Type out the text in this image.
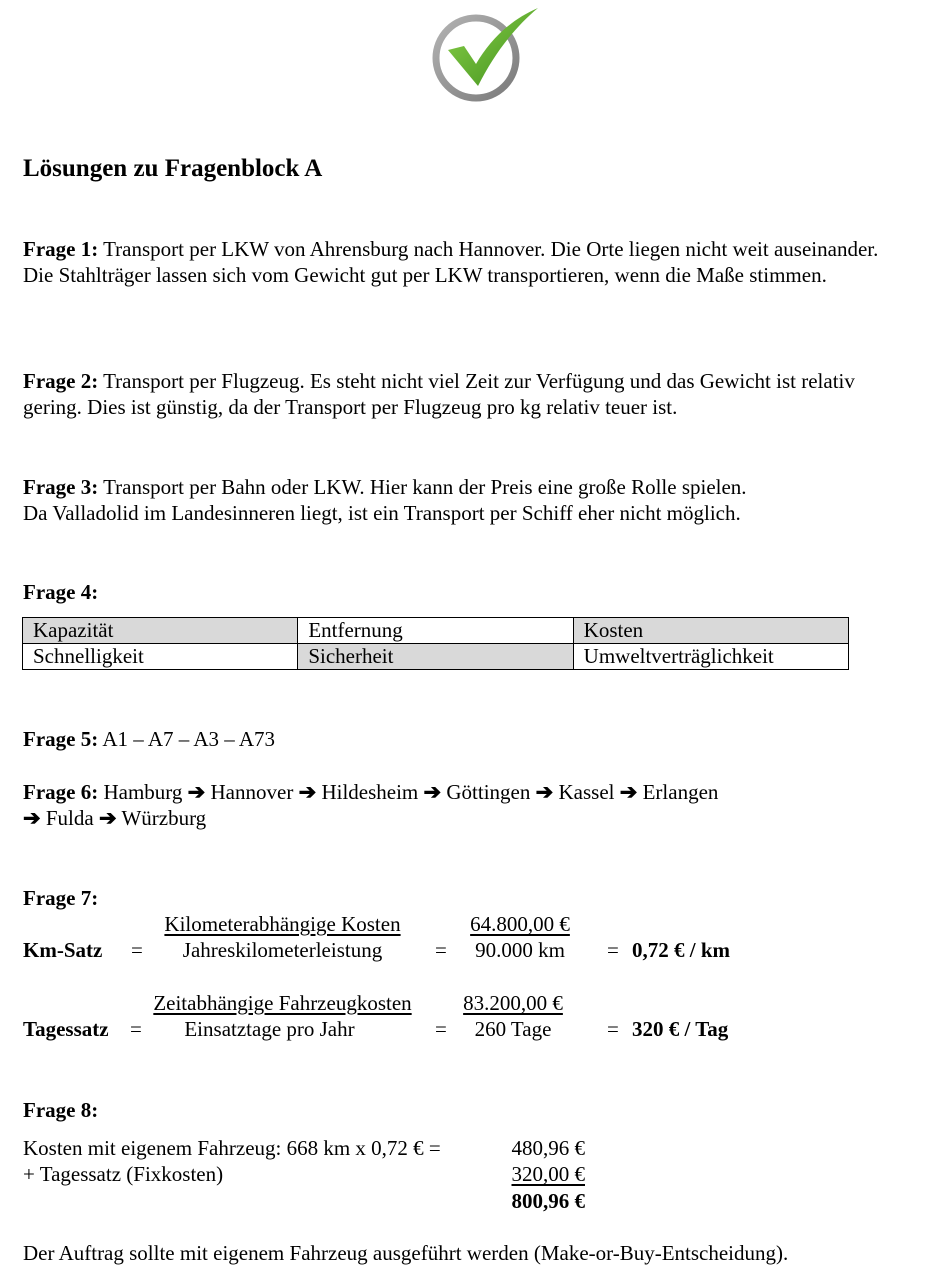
Lösungen zu Fragenblock A
Frage 1: Transport per LKW von Ahrensburg nach Hannover. Die Orte liegen nicht weit auseinander. Die Stahlträger lassen sich vom Gewicht gut per LKW transportieren, wenn die Maße stimmen.
Frage 2: Transport per Flugzeug. Es steht nicht viel Zeit zur Verfügung und das Gewicht ist relativ gering. Dies ist günstig, da der Transport per Flugzeug pro kg relativ teuer ist.
Frage 3: Transport per Bahn oder LKW. Hier kann der Preis eine große Rolle spielen.
Da Valladolid im Landesinneren liegt, ist ein Transport per Schiff eher nicht möglich.
Frage 4:
Kapazität	Entfernung	Kosten
Schnelligkeit	Sicherheit	Umweltverträglichkeit
Frage 5: A1 – A7 – A3 – A73
Frage 6: Hamburg ➔ Hannover ➔ Hildesheim ➔ Göttingen ➔ Kassel ➔ Erlangen
➔ Fulda ➔ Würzburg
Frage 7:
Kilometerabhängige Kosten	64.800,00 €
Km-Satz =	Jahreskilometerleistung	=	90.000 km	= 0,72 € / km
Zeitabhängige Fahrzeugkosten	83.200,00 €
Tagessatz =	Einsatztage pro Jahr	=	260 Tage	= 320 € / Tag
Frage 8:
Kosten mit eigenem Fahrzeug: 668 km x 0,72 € =	480,96 €
+ Tagessatz (Fixkosten)	320,00 €
800,96 €
Der Auftrag sollte mit eigenem Fahrzeug ausgeführt werden (Make-or-Buy-Entscheidung).
